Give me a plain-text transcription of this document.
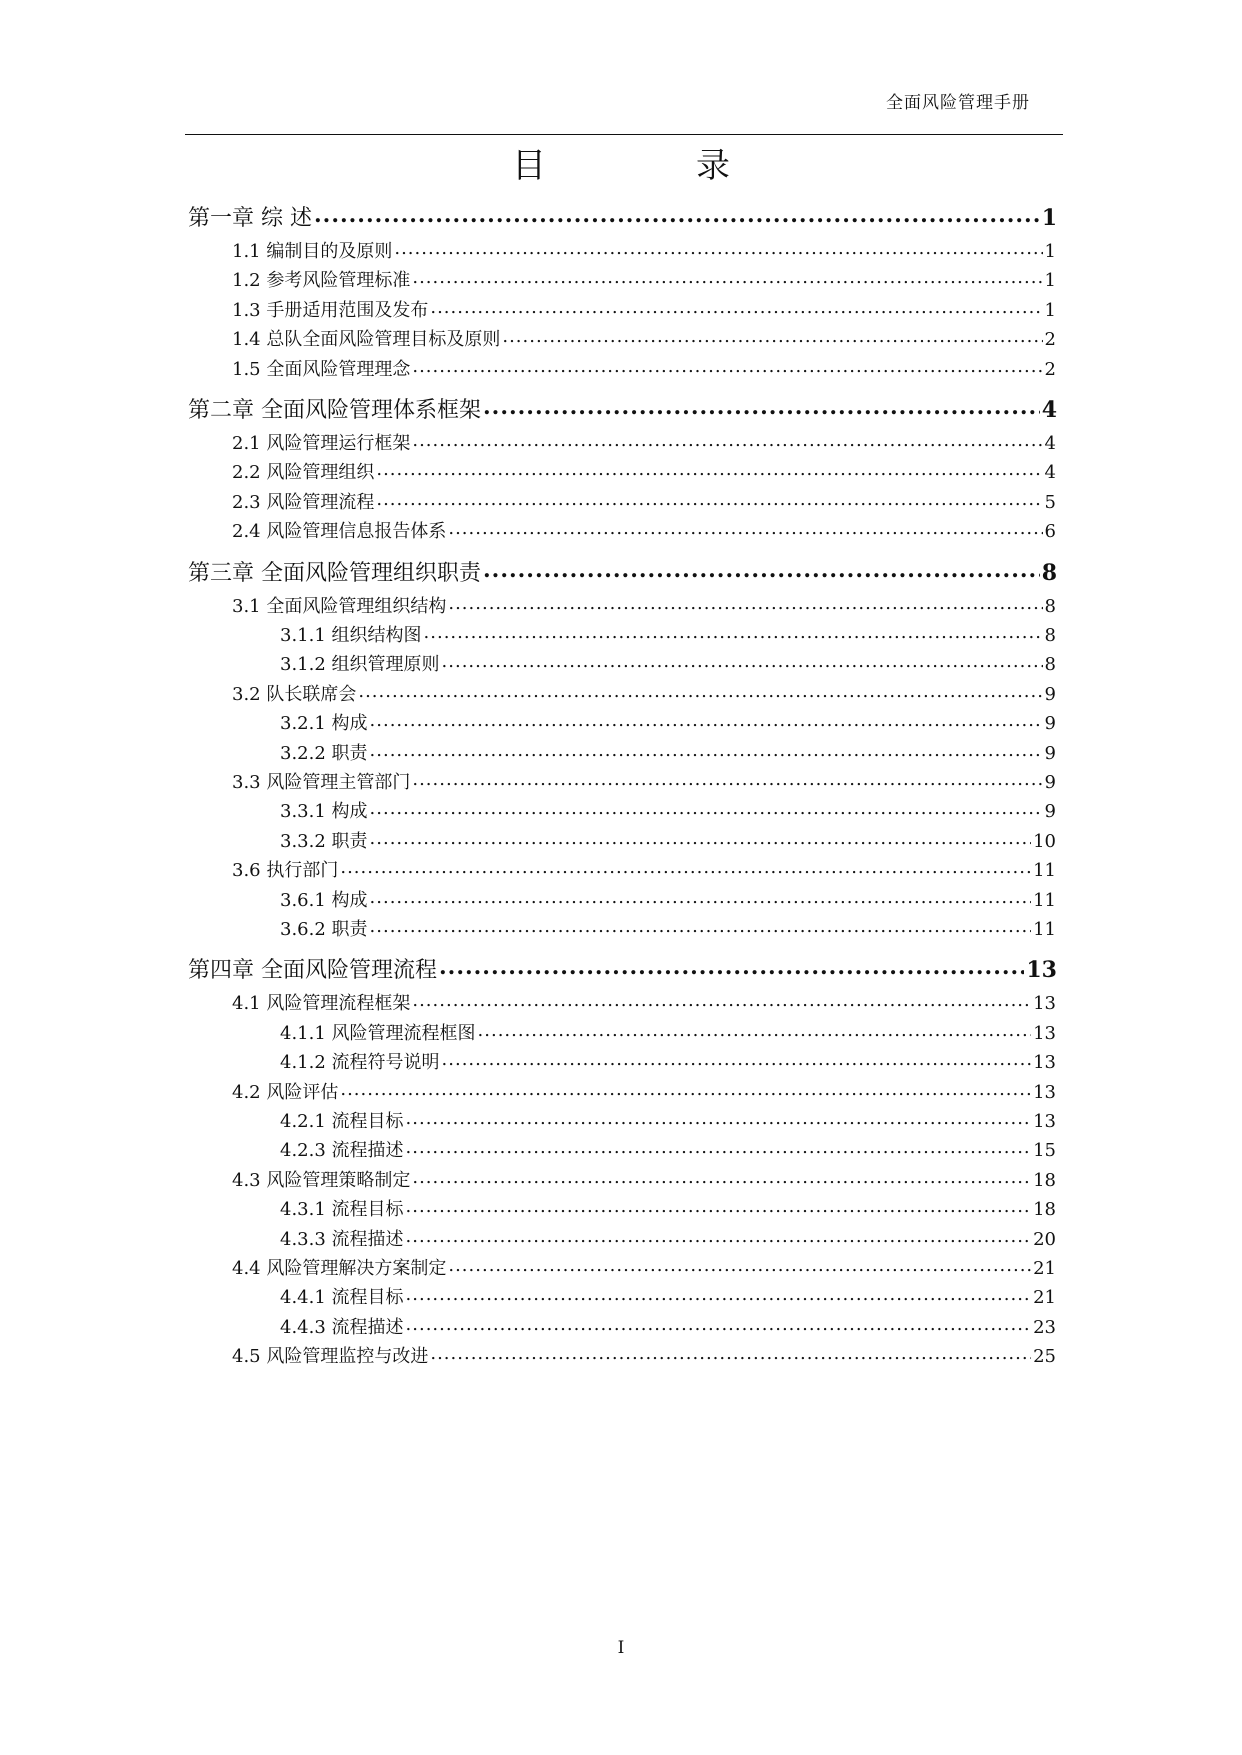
全面风险管理手册
目	录
第一章 综 述 .....	1
1.1 编制目的及原则 .....	1
1.2 参考风险管理标准 .....	1
1.3 手册适用范围及发布 .....	1
1.4 总队全面风险管理目标及原则 .....	2
1.5 全面风险管理理念 .....	2
第二章 全面风险管理体系框架 .....	4
2.1 风险管理运行框架 .....	4
2.2 风险管理组织 .....	4
2.3 风险管理流程 .....	5
2.4 风险管理信息报告体系 .....	6
第三章 全面风险管理组织职责 .....	8
3.1 全面风险管理组织结构 .....	8
3.1.1 组织结构图 .....	8
3.1.2 组织管理原则 .....	8
3.2 队长联席会 .....	9
3.2.1 构成 .....	9
3.2.2 职责 .....	9
3.3 风险管理主管部门 .....	9
3.3.1 构成 .....	9
3.3.2 职责 .....	10
3.6 执行部门 .....	11
3.6.1 构成 .....	11
3.6.2 职责 .....	11
第四章 全面风险管理流程 .....	13
4.1 风险管理流程框架 .....	13
4.1.1 风险管理流程框图 .....	13
4.1.2 流程符号说明 .....	13
4.2 风险评估 .....	13
4.2.1 流程目标 .....	13
4.2.3 流程描述 .....	15
4.3 风险管理策略制定 .....	18
4.3.1 流程目标 .....	18
4.3.3 流程描述 .....	20
4.4 风险管理解决方案制定 .....	21
4.4.1 流程目标 .....	21
4.4.3 流程描述 .....	23
4.5 风险管理监控与改进 .....	25
I
